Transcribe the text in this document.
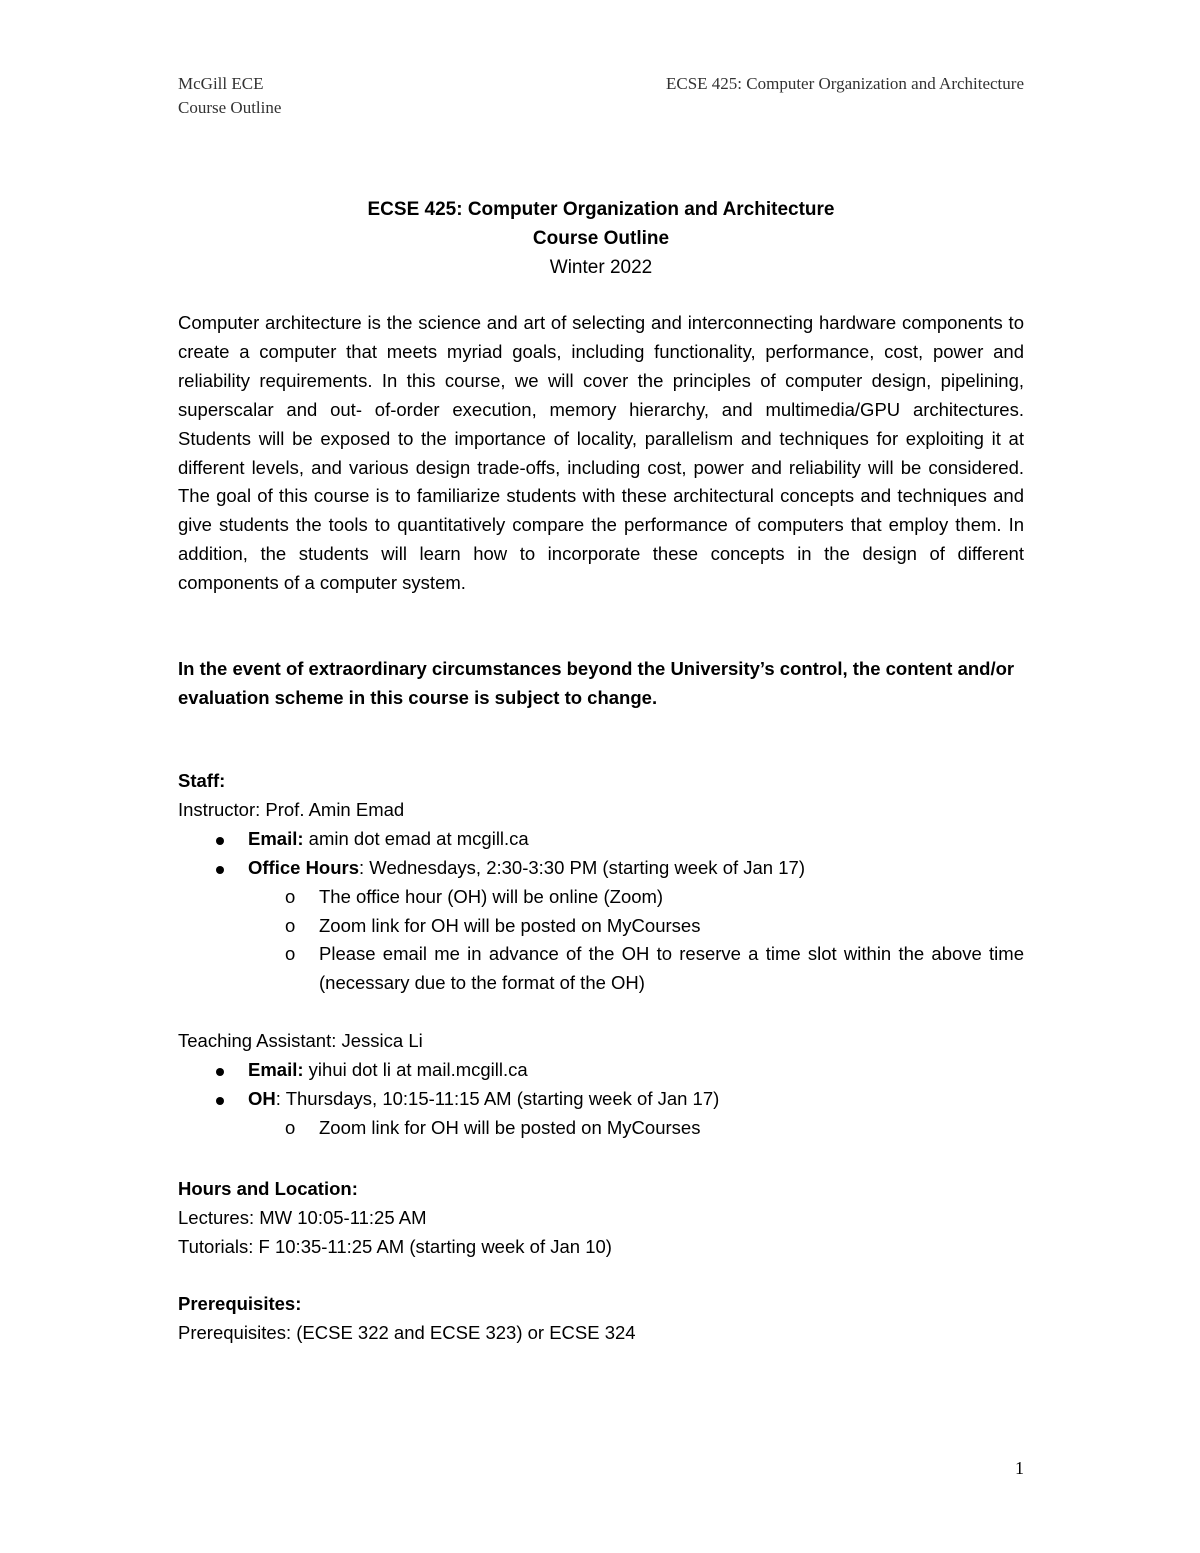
McGill ECE
Course Outline
ECSE 425: Computer Organization and Architecture
ECSE 425: Computer Organization and Architecture
Course Outline
Winter 2022
Computer architecture is the science and art of selecting and interconnecting hardware components to create a computer that meets myriad goals, including functionality, performance, cost, power and reliability requirements. In this course, we will cover the principles of computer design, pipelining, superscalar and out- of-order execution, memory hierarchy, and multimedia/GPU architectures. Students will be exposed to the importance of locality, parallelism and techniques for exploiting it at different levels, and various design trade-offs, including cost, power and reliability will be considered. The goal of this course is to familiarize students with these architectural concepts and techniques and give students the tools to quantitatively compare the performance of computers that employ them. In addition, the students will learn how to incorporate these concepts in the design of different components of a computer system.
In the event of extraordinary circumstances beyond the University’s control, the content and/or evaluation scheme in this course is subject to change.
Staff:
Instructor: Prof. Amin Emad
Email: amin dot emad at mcgill.ca
Office Hours: Wednesdays, 2:30-3:30 PM (starting week of Jan 17)
o The office hour (OH) will be online (Zoom)
o Zoom link for OH will be posted on MyCourses
o Please email me in advance of the OH to reserve a time slot within the above time (necessary due to the format of the OH)
Teaching Assistant: Jessica Li
Email: yihui dot li at mail.mcgill.ca
OH: Thursdays, 10:15-11:15 AM (starting week of Jan 17)
o Zoom link for OH will be posted on MyCourses
Hours and Location:
Lectures: MW 10:05-11:25 AM
Tutorials: F 10:35-11:25 AM (starting week of Jan 10)
Prerequisites:
Prerequisites: (ECSE 322 and ECSE 323) or ECSE 324
1
